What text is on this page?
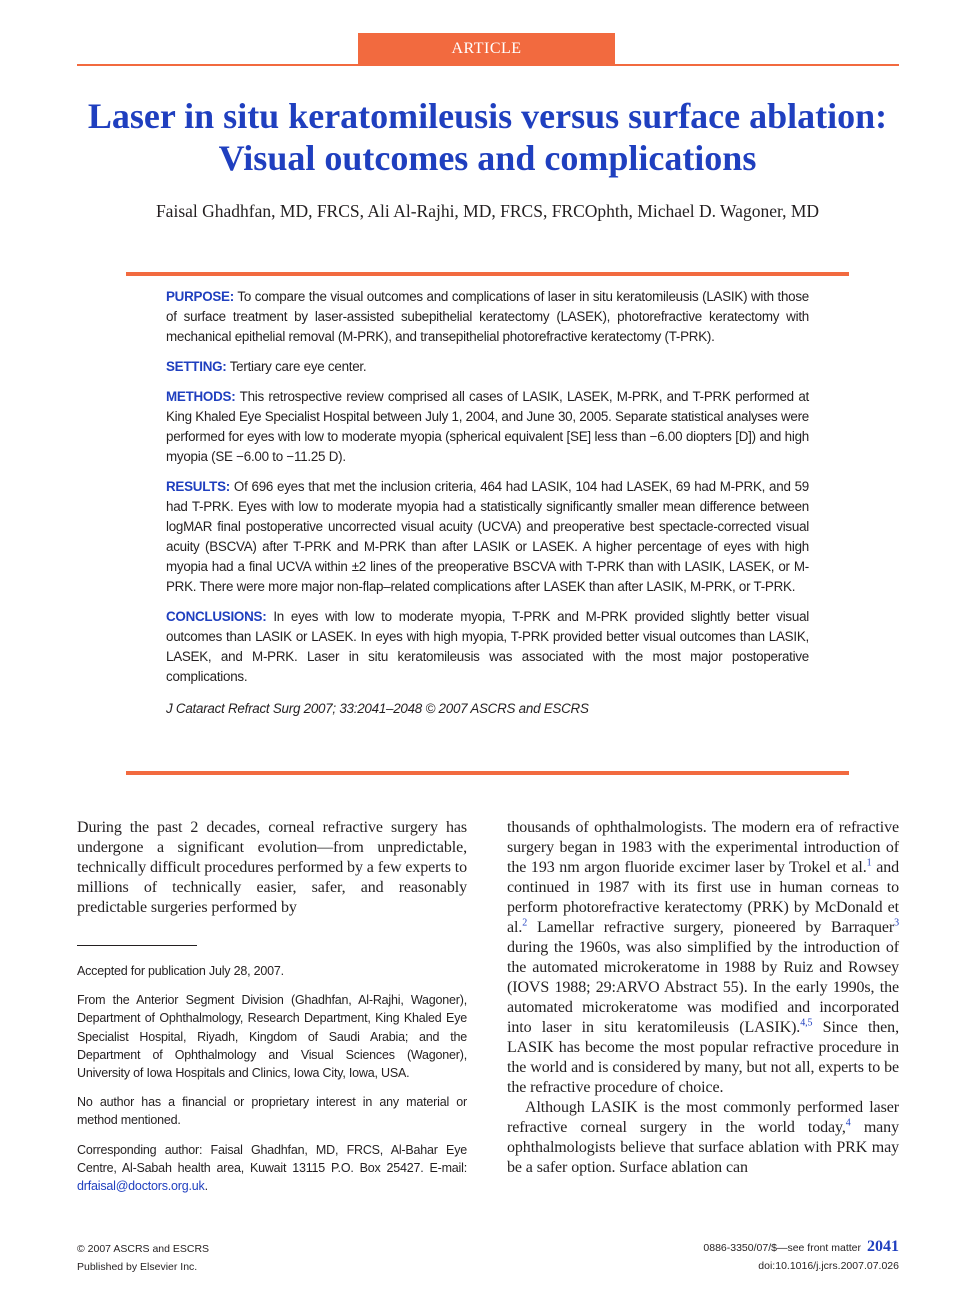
ARTICLE
Laser in situ keratomileusis versus surface ablation: Visual outcomes and complications

Faisal Ghadhfan, MD, FRCS, Ali Al-Rajhi, MD, FRCS, FRCOphth, Michael D. Wagoner, MD

PURPOSE: To compare the visual outcomes and complications of laser in situ keratomileusis (LASIK) with those of surface treatment by laser-assisted subepithelial keratectomy (LASEK), photorefractive keratectomy with mechanical epithelial removal (M-PRK), and transepithelial photorefractive keratectomy (T-PRK).

SETTING: Tertiary care eye center.

METHODS: This retrospective review comprised all cases of LASIK, LASEK, M-PRK, and T-PRK performed at King Khaled Eye Specialist Hospital between July 1, 2004, and June 30, 2005. Separate statistical analyses were performed for eyes with low to moderate myopia (spherical equivalent [SE] less than −6.00 diopters [D]) and high myopia (SE −6.00 to −11.25 D).

RESULTS: Of 696 eyes that met the inclusion criteria, 464 had LASIK, 104 had LASEK, 69 had M-PRK, and 59 had T-PRK. Eyes with low to moderate myopia had a statistically significantly smaller mean difference between logMAR final postoperative uncorrected visual acuity (UCVA) and preoperative best spectacle-corrected visual acuity (BSCVA) after T-PRK and M-PRK than after LASIK or LASEK. A higher percentage of eyes with high myopia had a final UCVA within ±2 lines of the preoperative BSCVA with T-PRK than with LASIK, LASEK, or M-PRK. There were more major non-flap–related complications after LASEK than after LASIK, M-PRK, or T-PRK.

CONCLUSIONS: In eyes with low to moderate myopia, T-PRK and M-PRK provided slightly better visual outcomes than LASIK or LASEK. In eyes with high myopia, T-PRK provided better visual outcomes than LASIK, LASEK, and M-PRK. Laser in situ keratomileusis was associated with the most major postoperative complications.

J Cataract Refract Surg 2007; 33:2041–2048 © 2007 ASCRS and ESCRS

During the past 2 decades, corneal refractive surgery has undergone a significant evolution—from unpredictable, technically difficult procedures performed by a few experts to millions of technically easier, safer, and reasonably predictable surgeries performed by

Accepted for publication July 28, 2007.

From the Anterior Segment Division (Ghadhfan, Al-Rajhi, Wagoner), Department of Ophthalmology, Research Department, King Khaled Eye Specialist Hospital, Riyadh, Kingdom of Saudi Arabia; and the Department of Ophthalmology and Visual Sciences (Wagoner), University of Iowa Hospitals and Clinics, Iowa City, Iowa, USA.

No author has a financial or proprietary interest in any material or method mentioned.

Corresponding author: Faisal Ghadhfan, MD, FRCS, Al-Bahar Eye Centre, Al-Sabah health area, Kuwait 13115 P.O. Box 25427. E-mail: drfaisal@doctors.org.uk.

thousands of ophthalmologists. The modern era of refractive surgery began in 1983 with the experimental introduction of the 193 nm argon fluoride excimer laser by Trokel et al.$^1$ and continued in 1987 with its first use in human corneas to perform photorefractive keratectomy (PRK) by McDonald et al.$^2$ Lamellar refractive surgery, pioneered by Barraquer$^3$ during the 1960s, was also simplified by the introduction of the automated microkeratome in 1988 by Ruiz and Rowsey (IOVS 1988; 29:ARVO Abstract 55). In the early 1990s, the automated microkeratome was modified and incorporated into laser in situ keratomileusis (LASIK).$^{4,5}$ Since then, LASIK has become the most popular refractive procedure in the world and is considered by many, but not all, experts to be the refractive procedure of choice.

Although LASIK is the most commonly performed laser refractive corneal surgery in the world today,$^4$ many ophthalmologists believe that surface ablation with PRK may be a safer option. Surface ablation can

© 2007 ASCRS and ESCRS
Published by Elsevier Inc.
0886-3350/07/$—see front matter 2041
doi:10.1016/j.jcrs.2007.07.026
